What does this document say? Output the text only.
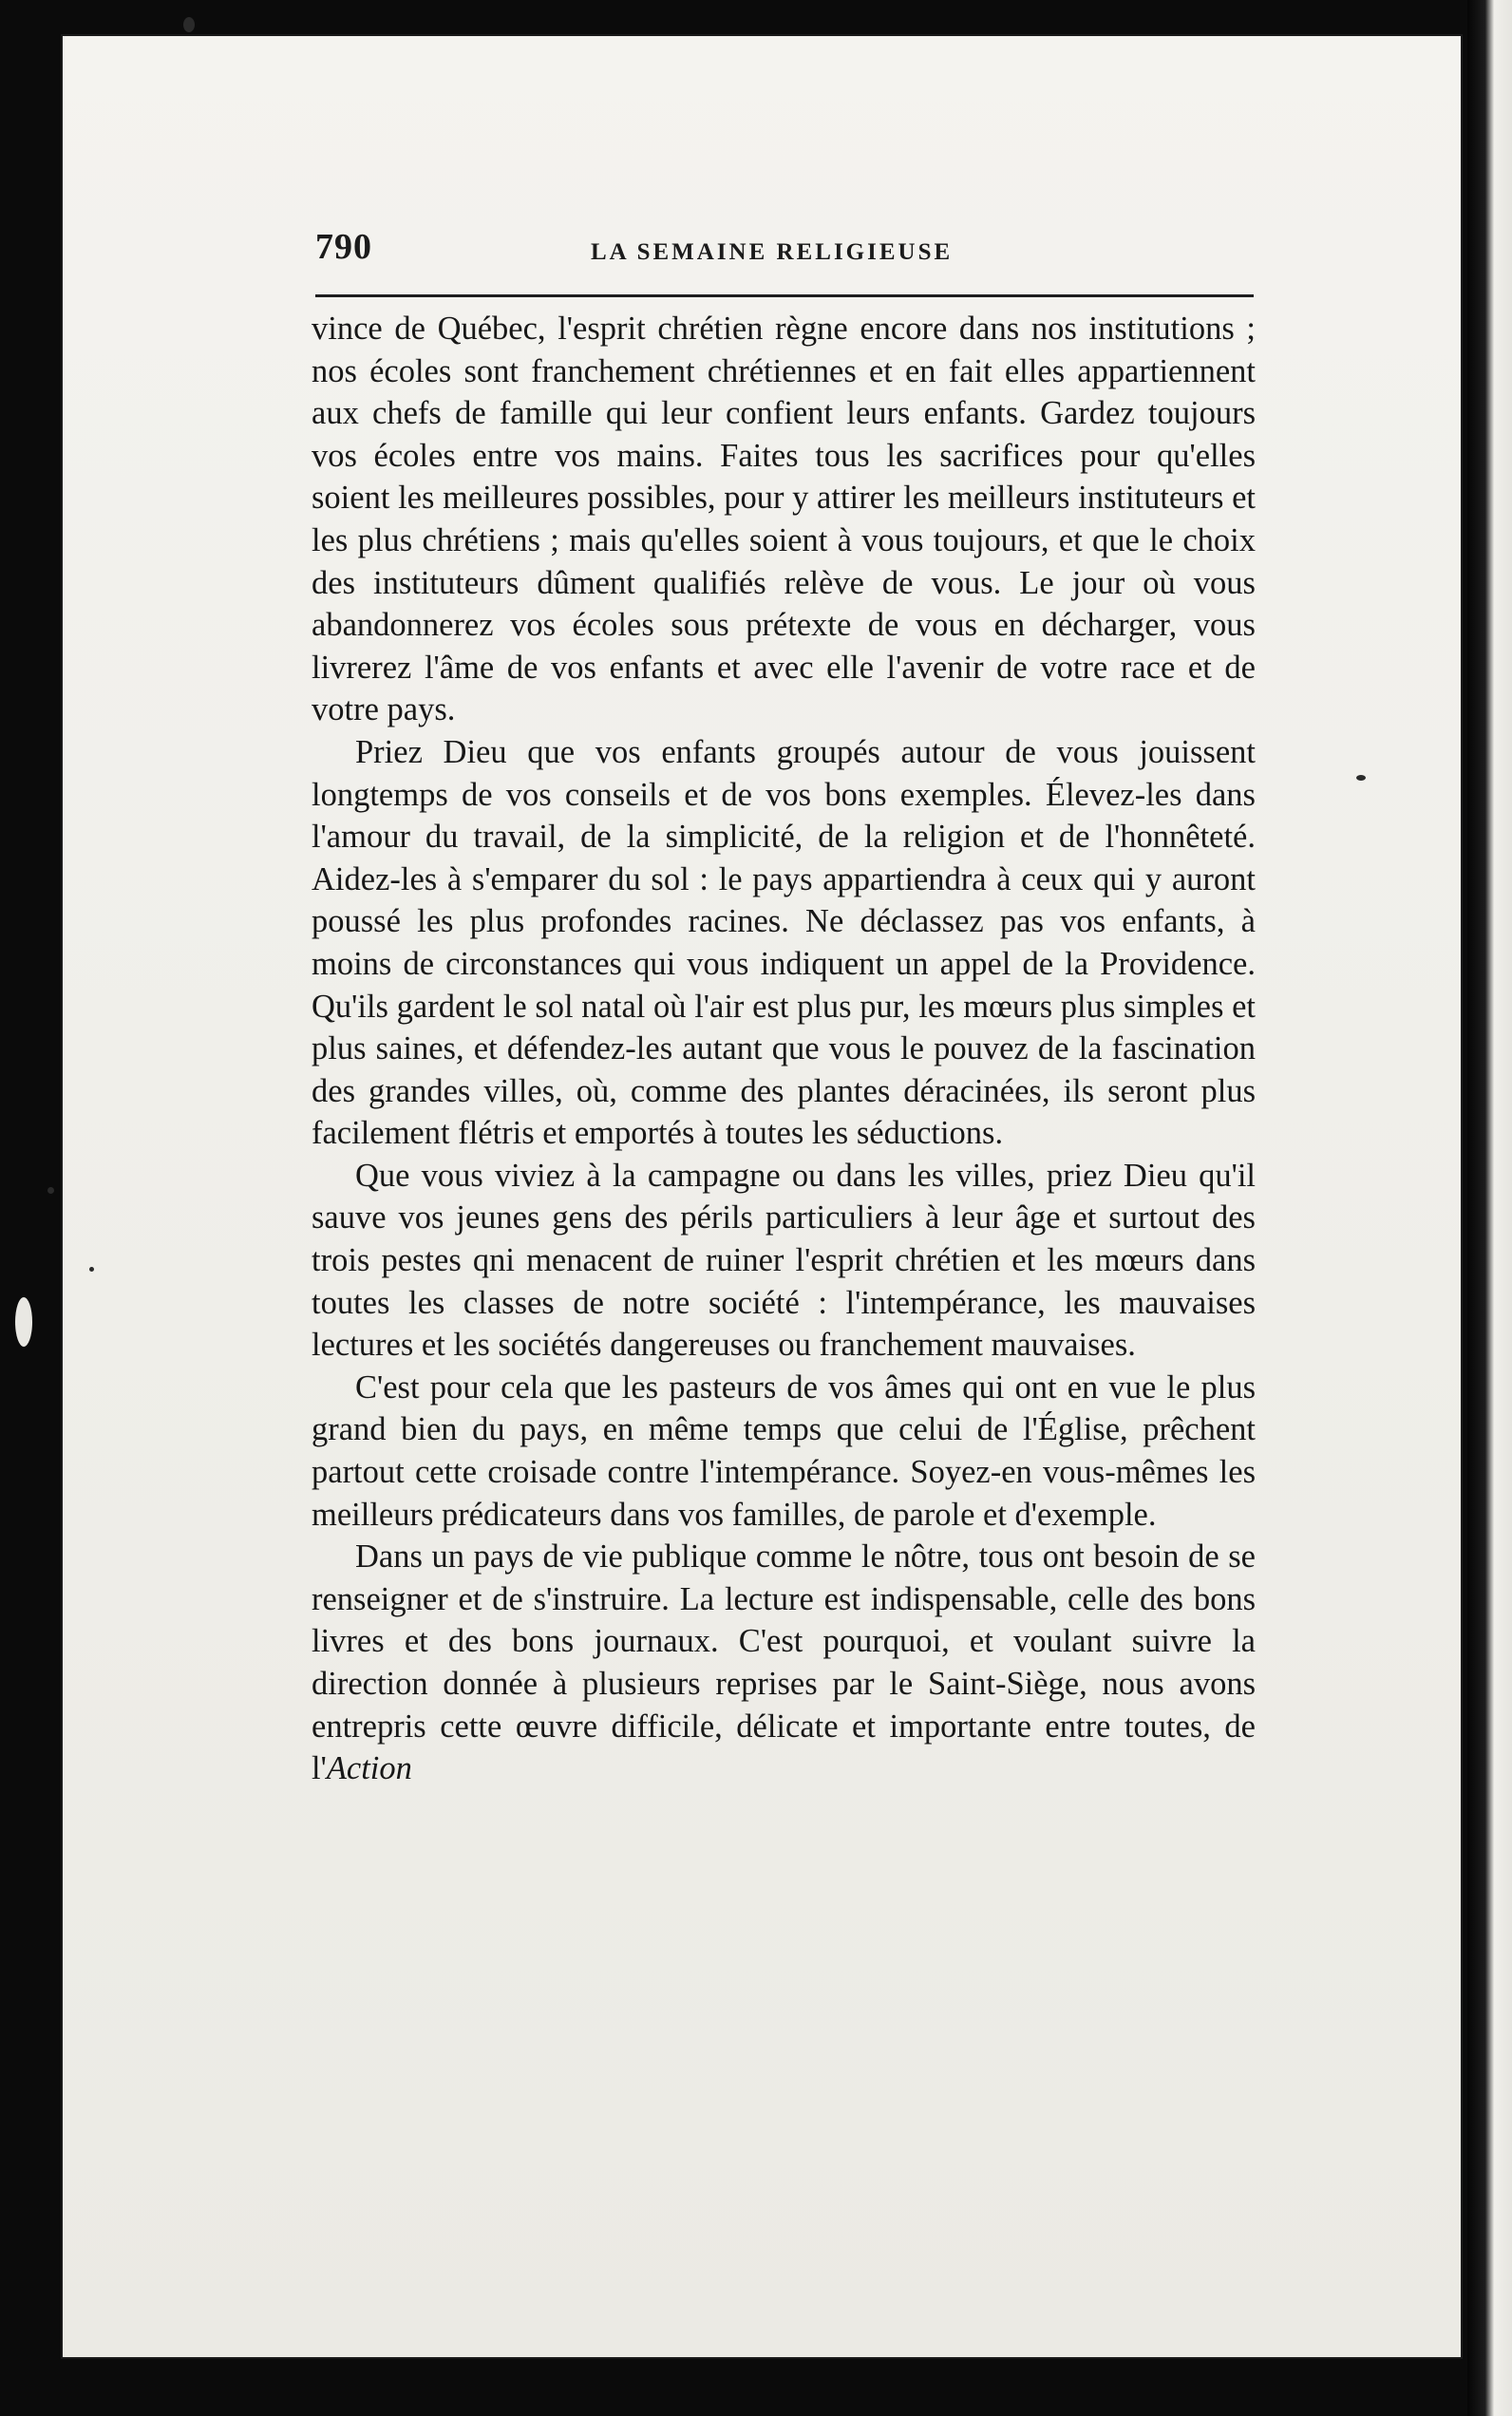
790	LA SEMAINE RELIGIEUSE

vince de Québec, l'esprit chrétien règne encore dans nos institutions ; nos écoles sont franchement chrétiennes et en fait elles appartiennent aux chefs de famille qui leur confient leurs enfants. Gardez toujours vos écoles entre vos mains. Faites tous les sacrifices pour qu'elles soient les meilleures possibles, pour y attirer les meilleurs instituteurs et les plus chrétiens ; mais qu'elles soient à vous toujours, et que le choix des instituteurs dûment qualifiés relève de vous. Le jour où vous abandonnerez vos écoles sous prétexte de vous en décharger, vous livrerez l'âme de vos enfants et avec elle l'avenir de votre race et de votre pays.

Priez Dieu que vos enfants groupés autour de vous jouissent longtemps de vos conseils et de vos bons exemples. Élevez-les dans l'amour du travail, de la simplicité, de la religion et de l'honnêteté. Aidez-les à s'emparer du sol : le pays appartiendra à ceux qui y auront poussé les plus profondes racines. Ne déclassez pas vos enfants, à moins de circonstances qui vous indiquent un appel de la Providence. Qu'ils gardent le sol natal où l'air est plus pur, les mœurs plus simples et plus saines, et défendez-les autant que vous le pouvez de la fascination des grandes villes, où, comme des plantes déracinées, ils seront plus facilement flétris et emportés à toutes les séductions.

Que vous viviez à la campagne ou dans les villes, priez Dieu qu'il sauve vos jeunes gens des périls particuliers à leur âge et surtout des trois pestes qni menacent de ruiner l'esprit chrétien et les mœurs dans toutes les classes de notre société : l'intempérance, les mauvaises lectures et les sociétés dangereuses ou franchement mauvaises.

C'est pour cela que les pasteurs de vos âmes qui ont en vue le plus grand bien du pays, en même temps que celui de l'Église, prêchent partout cette croisade contre l'intempérance. Soyez-en vous-mêmes les meilleurs prédicateurs dans vos familles, de parole et d'exemple.

Dans un pays de vie publique comme le nôtre, tous ont besoin de se renseigner et de s'instruire. La lecture est indispensable, celle des bons livres et des bons journaux. C'est pourquoi, et voulant suivre la direction donnée à plusieurs reprises par le Saint-Siège, nous avons entrepris cette œuvre difficile, délicate et importante entre toutes, de l'Action
